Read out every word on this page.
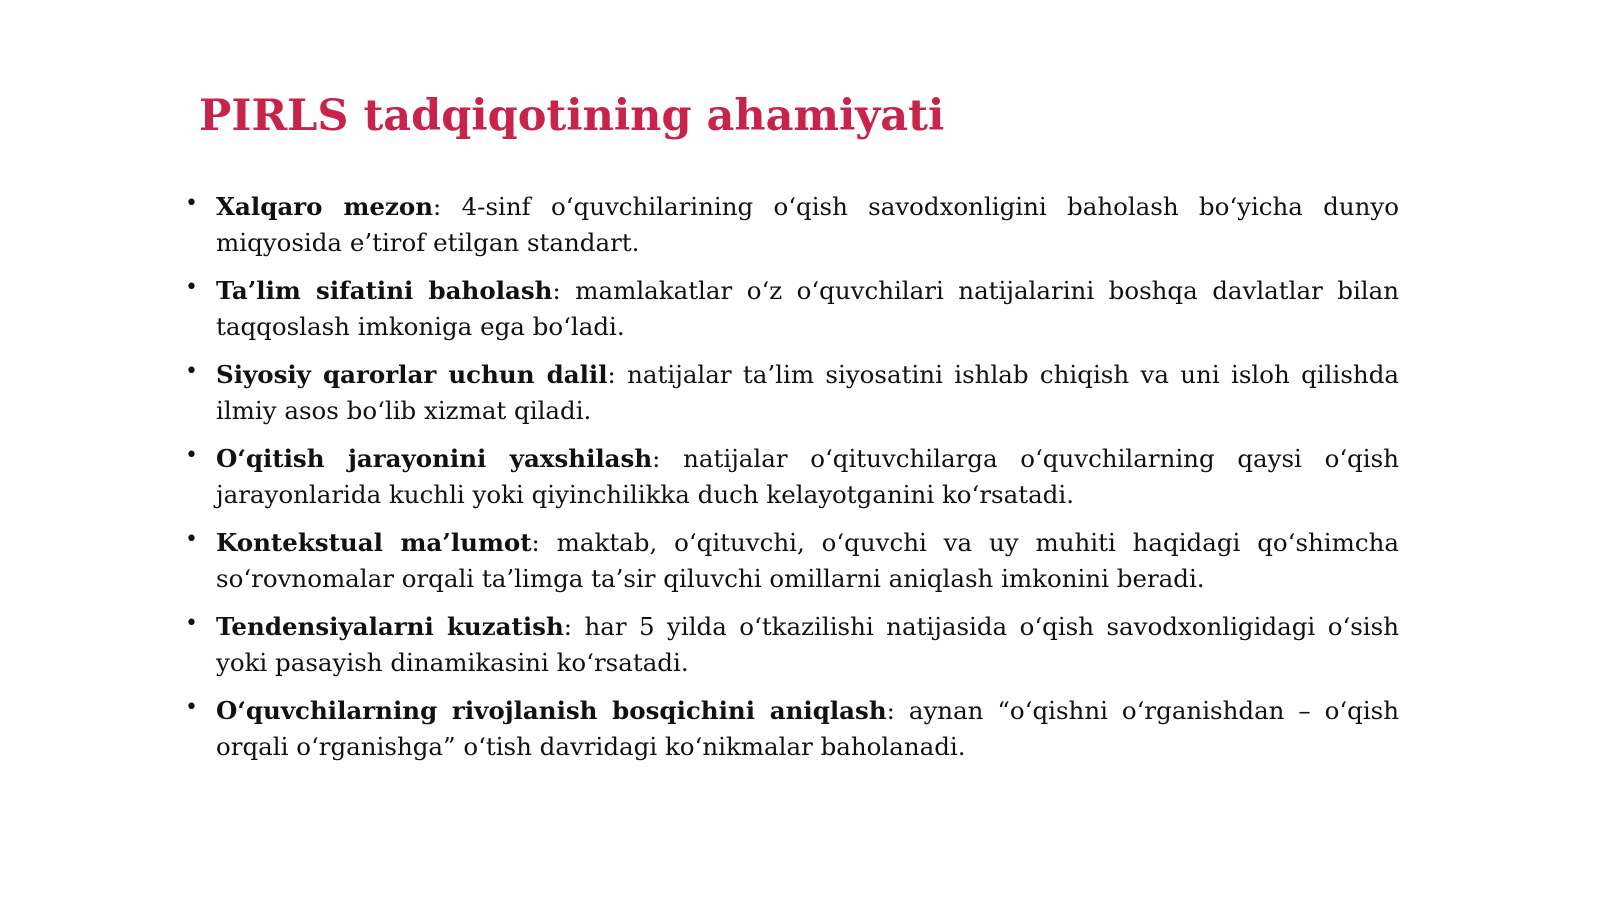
PIRLS tadqiqotining ahamiyati
• Xalqaro mezon: 4-sinf o‘quvchilarining o‘qish savodxonligini baholash bo‘yicha dunyo miqyosida e’tirof etilgan standart.
• Ta’lim sifatini baholash: mamlakatlar o‘z o‘quvchilari natijalarini boshqa davlatlar bilan taqqoslash imkoniga ega bo‘ladi.
• Siyosiy qarorlar uchun dalil: natijalar ta’lim siyosatini ishlab chiqish va uni isloh qilishda ilmiy asos bo‘lib xizmat qiladi.
• O‘qitish jarayonini yaxshilash: natijalar o‘qituvchilarga o‘quvchilarning qaysi o‘qish jarayonlarida kuchli yoki qiyinchilikka duch kelayotganini ko‘rsatadi.
• Kontekstual ma’lumot: maktab, o‘qituvchi, o‘quvchi va uy muhiti haqidagi qo‘shimcha so‘rovnomalar orqali ta’limga ta’sir qiluvchi omillarni aniqlash imkonini beradi.
• Tendensiyalarni kuzatish: har 5 yilda o‘tkazilishi natijasida o‘qish savodxonligidagi o‘sish yoki pasayish dinamikasini ko‘rsatadi.
• O‘quvchilarning rivojlanish bosqichini aniqlash: aynan “o‘qishni o‘rganishdan – o‘qish orqali o‘rganishga” o‘tish davridagi ko‘nikmalar baholanadi.
